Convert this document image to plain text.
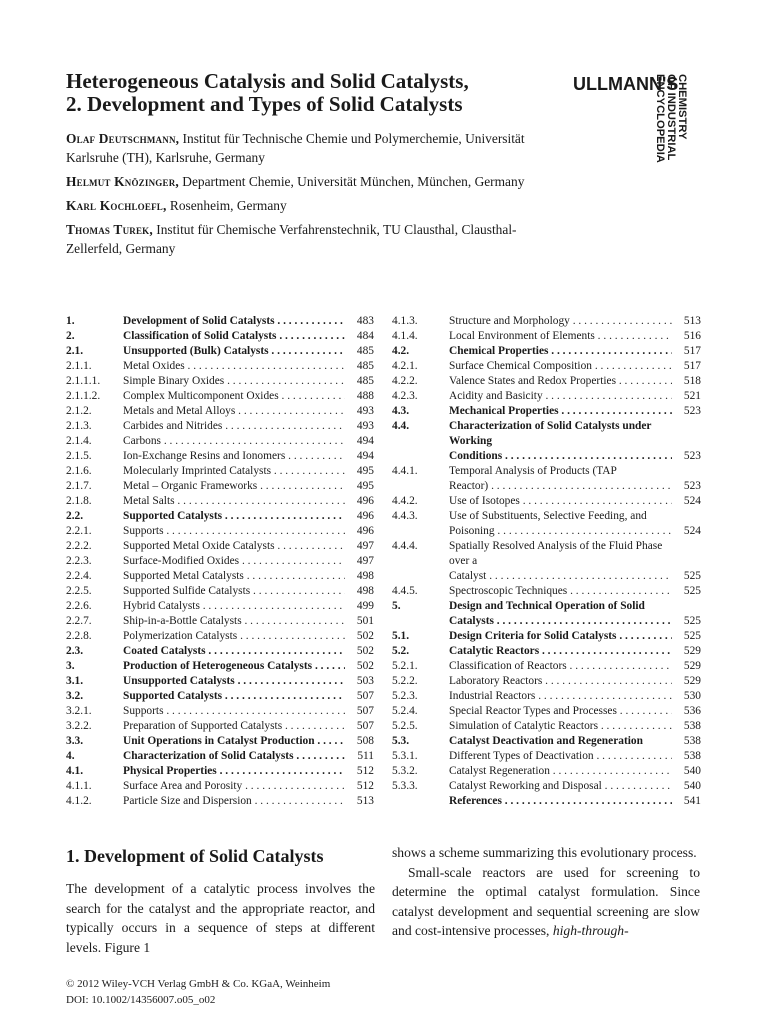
Heterogeneous Catalysis and Solid Catalysts,
2. Development and Types of Solid Catalysts
ULLMANN'S
ENCYCLOPEDIA OF INDUSTRIAL CHEMISTRY
Olaf Deutschmann, Institut für Technische Chemie und Polymerchemie, Universität Karlsruhe (TH), Karlsruhe, Germany
Helmut Knözinger, Department Chemie, Universität München, München, Germany
Karl Kochloefl, Rosenheim, Germany
Thomas Turek, Institut für Chemische Verfahrenstechnik, TU Clausthal, Clausthal-Zellerfeld, Germany
1.	Development of Solid Catalysts . . .	483
2.	Classification of Solid Catalysts . . .	484
2.1.	Unsupported (Bulk) Catalysts . . .	485
2.1.1.	Metal Oxides . . .	485
2.1.1.1. Simple Binary Oxides . . .	485
2.1.1.2. Complex Multicomponent Oxides . . .	488
2.1.2.	Metals and Metal Alloys . . .	493
2.1.3.	Carbides and Nitrides . . .	493
2.1.4.	Carbons . . .	494
2.1.5.	Ion-Exchange Resins and Ionomers . . .	494
2.1.6.	Molecularly Imprinted Catalysts . . .	495
2.1.7.	Metal – Organic Frameworks . . .	495
2.1.8.	Metal Salts . . .	496
2.2.	Supported Catalysts . . .	496
2.2.1.	Supports . . .	496
2.2.2.	Supported Metal Oxide Catalysts . . .	497
2.2.3.	Surface-Modified Oxides . . .	497
2.2.4.	Supported Metal Catalysts . . .	498
2.2.5.	Supported Sulfide Catalysts . . .	498
2.2.6.	Hybrid Catalysts . . .	499
2.2.7.	Ship-in-a-Bottle Catalysts . . .	501
2.2.8.	Polymerization Catalysts . . .	502
2.3.	Coated Catalysts . . .	502
3.	Production of Heterogeneous Catalysts . . .	502
3.1.	Unsupported Catalysts . . .	503
3.2.	Supported Catalysts . . .	507
3.2.1.	Supports . . .	507
3.2.2.	Preparation of Supported Catalysts . . .	507
3.3.	Unit Operations in Catalyst Production . . .	508
4.	Characterization of Solid Catalysts . . .	511
4.1.	Physical Properties . . .	512
4.1.1.	Surface Area and Porosity . . .	512
4.1.2.	Particle Size and Dispersion . . .	513
4.1.3.	Structure and Morphology . . .	513
4.1.4.	Local Environment of Elements . . .	516
4.2.	Chemical Properties . . .	517
4.2.1.	Surface Chemical Composition . . .	517
4.2.2.	Valence States and Redox Properties . . .	518
4.2.3.	Acidity and Basicity . . .	521
4.3.	Mechanical Properties . . .	523
4.4.	Characterization of Solid Catalysts under Working Conditions . . .	523
4.4.1.	Temporal Analysis of Products (TAP Reactor) . . .	523
4.4.2.	Use of Isotopes . . .	524
4.4.3.	Use of Substituents, Selective Feeding, and Poisoning . . .	524
4.4.4.	Spatially Resolved Analysis of the Fluid Phase over a Catalyst . . .	525
4.4.5.	Spectroscopic Techniques . . .	525
5.	Design and Technical Operation of Solid Catalysts . . .	525
5.1.	Design Criteria for Solid Catalysts . . .	525
5.2.	Catalytic Reactors . . .	529
5.2.1.	Classification of Reactors . . .	529
5.2.2.	Laboratory Reactors . . .	529
5.2.3.	Industrial Reactors . . .	530
5.2.4.	Special Reactor Types and Processes . . .	536
5.2.5.	Simulation of Catalytic Reactors . . .	538
5.3.	Catalyst Deactivation and Regeneration	538
5.3.1.	Different Types of Deactivation . . .	538
5.3.2.	Catalyst Regeneration . . .	540
5.3.3.	Catalyst Reworking and Disposal . . .	540
References . . .	541
1. Development of Solid Catalysts

The development of a catalytic process involves the search for the catalyst and the appropriate reactor, and typically occurs in a sequence of steps at different levels. Figure 1

shows a scheme summarizing this evolutionary process.

Small-scale reactors are used for screening to determine the optimal catalyst formulation. Since catalyst development and sequential screening are slow and cost-intensive processes, high-through-

© 2012 Wiley-VCH Verlag GmbH & Co. KGaA, Weinheim
DOI: 10.1002/14356007.o05_o02
